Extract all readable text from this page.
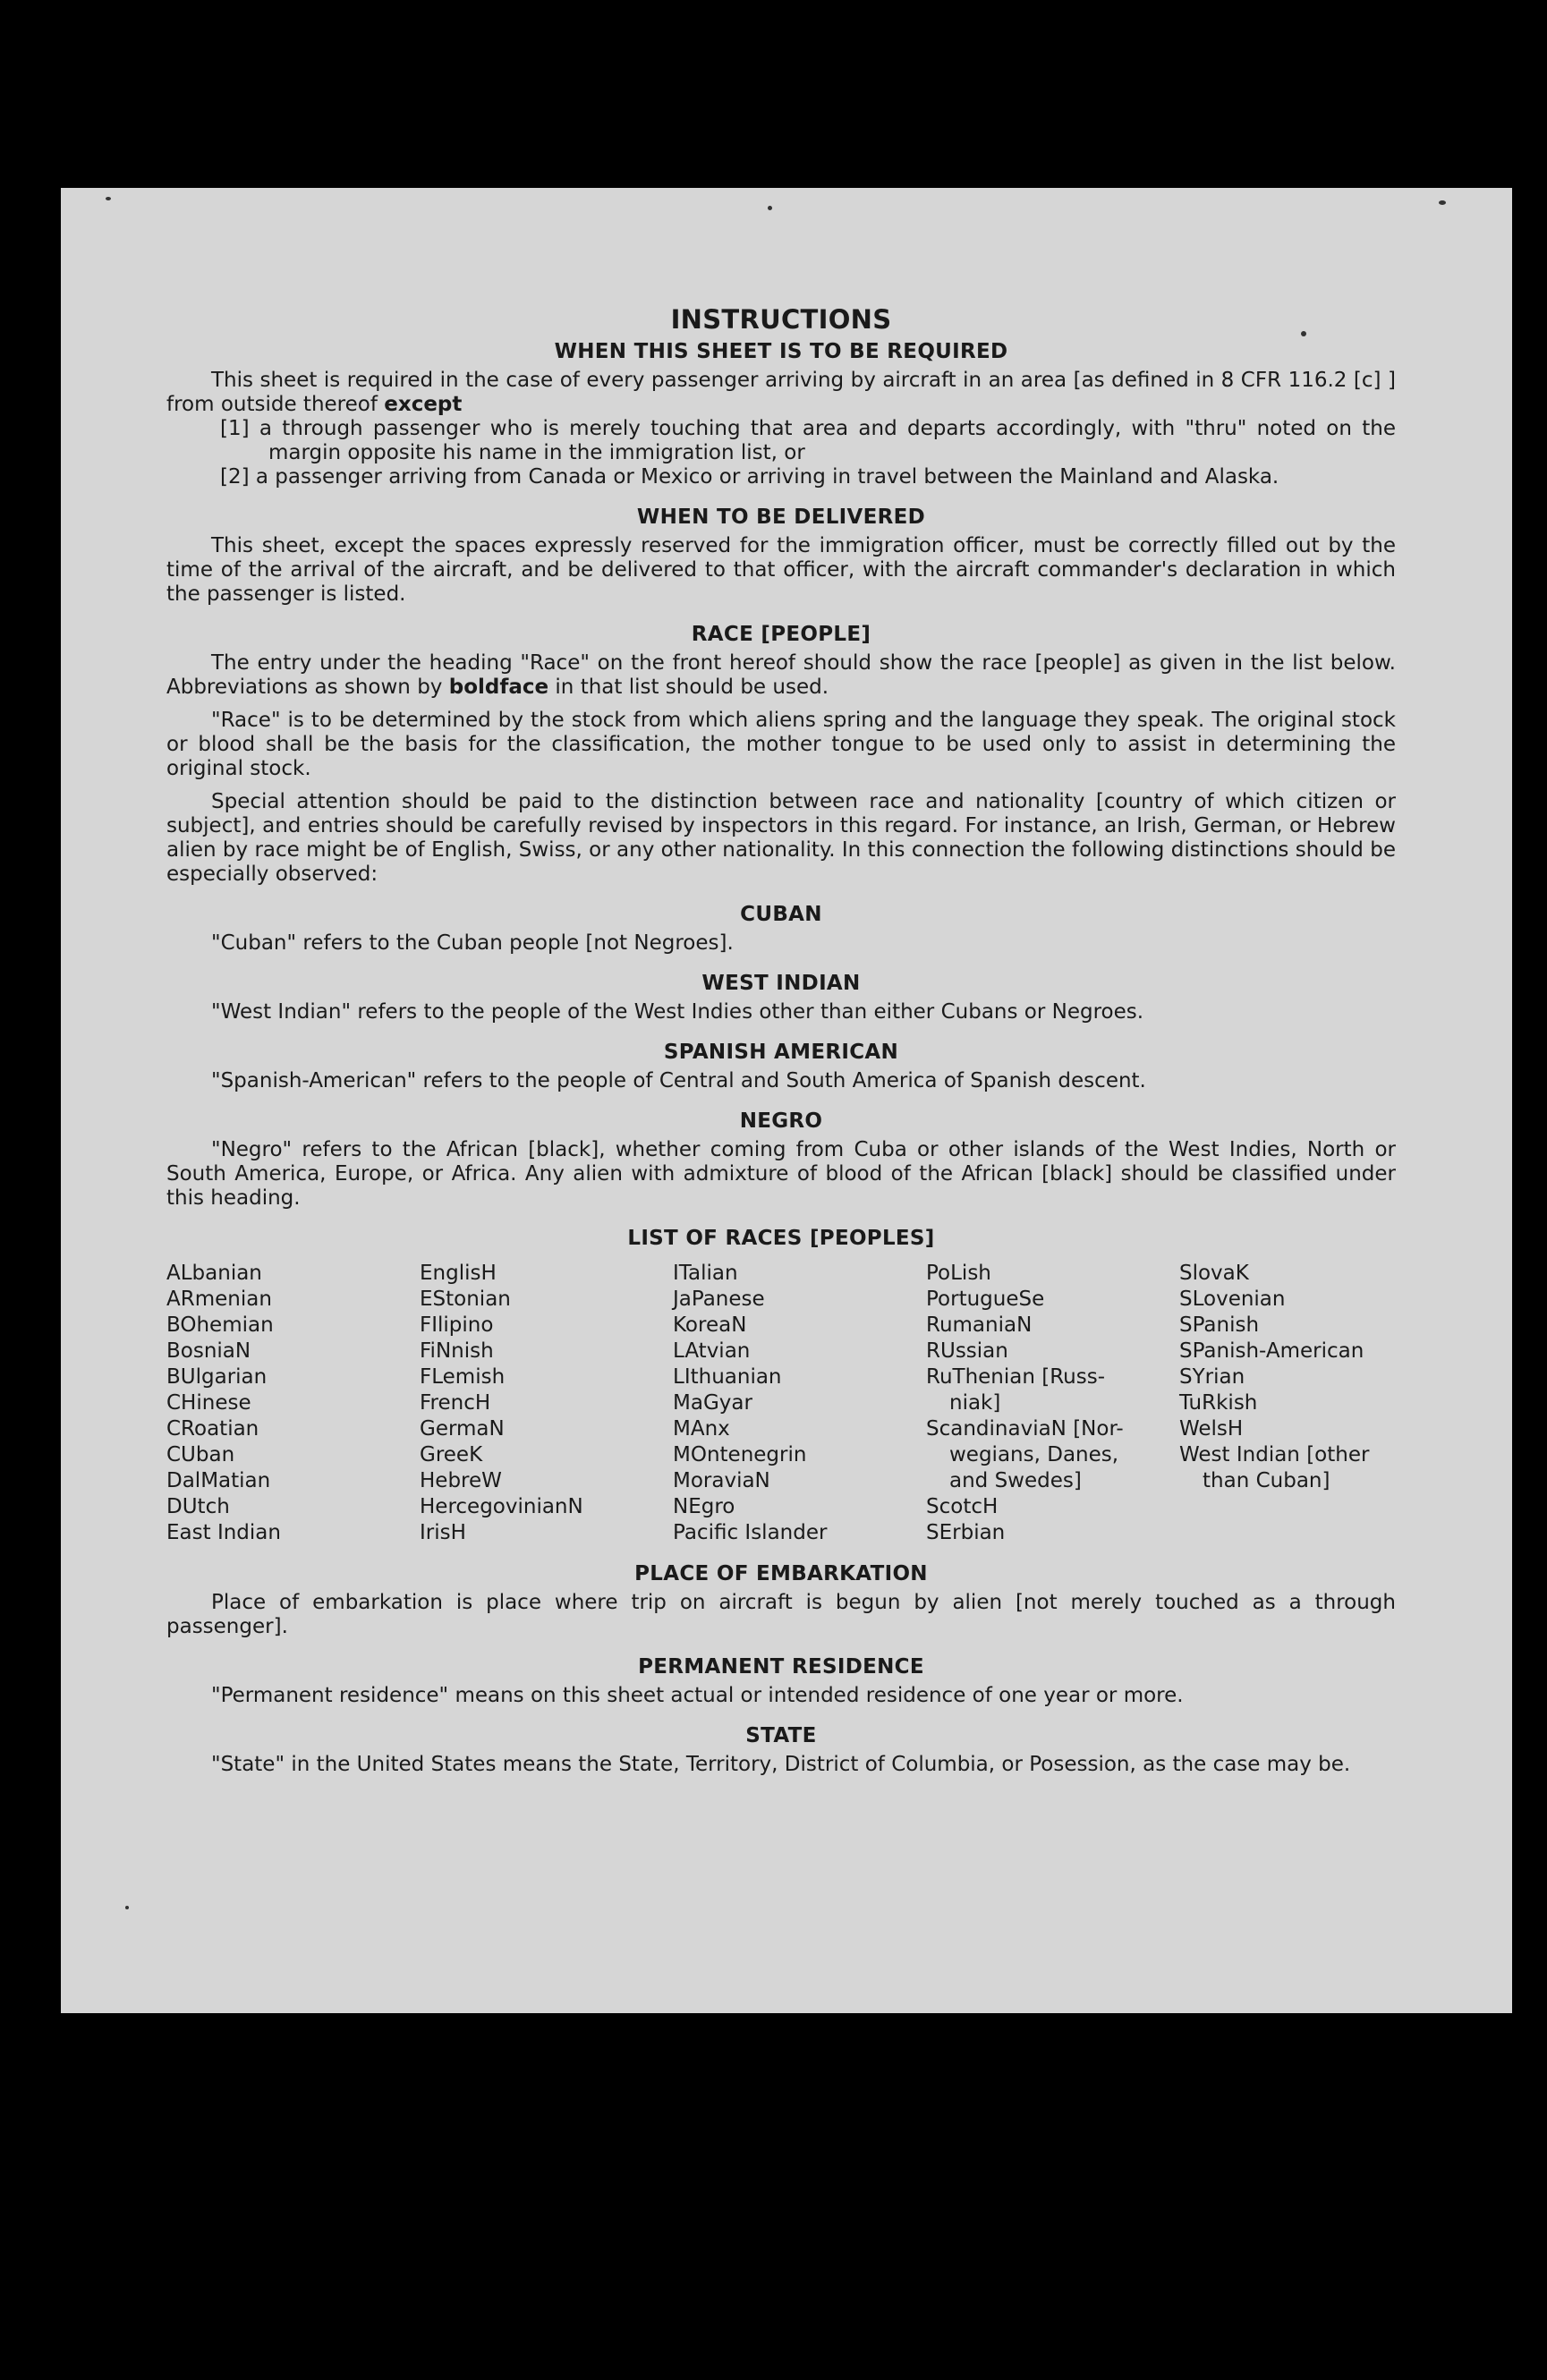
INSTRUCTIONS
WHEN THIS SHEET IS TO BE REQUIRED

This sheet is required in the case of every passenger arriving by aircraft in an area [as defined in 8 CFR 116.2 [c] ] from outside thereof except

[1] a through passenger who is merely touching that area and departs accordingly, with "thru" noted on the margin opposite his name in the immigration list, or

[2] a passenger arriving from Canada or Mexico or arriving in travel between the Mainland and Alaska.

WHEN TO BE DELIVERED

This sheet, except the spaces expressly reserved for the immigration officer, must be correctly filled out by the time of the arrival of the aircraft, and be delivered to that officer, with the aircraft commander's declaration in which the passenger is listed.

RACE [PEOPLE]

The entry under the heading "Race" on the front hereof should show the race [people] as given in the list below. Abbreviations as shown by boldface in that list should be used.

"Race" is to be determined by the stock from which aliens spring and the language they speak. The original stock or blood shall be the basis for the classification, the mother tongue to be used only to assist in determining the original stock.

Special attention should be paid to the distinction between race and nationality [country of which citizen or subject], and entries should be carefully revised by inspectors in this regard. For instance, an Irish, German, or Hebrew alien by race might be of English, Swiss, or any other nationality. In this connection the following distinctions should be especially observed:

CUBAN

"Cuban" refers to the Cuban people [not Negroes].

WEST INDIAN

"West Indian" refers to the people of the West Indies other than either Cubans or Negroes.

SPANISH AMERICAN

"Spanish-American" refers to the people of Central and South America of Spanish descent.

NEGRO

"Negro" refers to the African [black], whether coming from Cuba or other islands of the West Indies, North or South America, Europe, or Africa. Any alien with admixture of blood of the African [black] should be classified under this heading.

LIST OF RACES [PEOPLES]
ALbanian
ARmenian
BOhemian
BosniaN
BUlgarian
CHinese
CRoatian
CUban
DalMatian
DUtch
East Indian
EnglisH
EStonian
FIlipino
FiNnish
FLemish
FrencH
GermaN
GreeK
HebreW
HercegovinianN
IrisH
ITalian
JaPanese
KoreaN
LAtvian
LIthuanian
MaGyar
MAnx
MOntenegrin
MoraviaN
NEgro
Pacific Islander
PoLish
PortugueSe
RumaniaN
RUssian
RuThenian [Russ-
niak]
ScandinaviaN [Nor-
wegians, Danes,
and Swedes]
ScotcH
SErbian
SlovaK
SLovenian
SPanish
SPanish-American
SYrian
TuRkish
WelsH
West Indian [other
than Cuban]
PLACE OF EMBARKATION

Place of embarkation is place where trip on aircraft is begun by alien [not merely touched as a through passenger].

PERMANENT RESIDENCE

"Permanent residence" means on this sheet actual or intended residence of one year or more.

STATE

"State" in the United States means the State, Territory, District of Columbia, or Posession, as the case may be.
